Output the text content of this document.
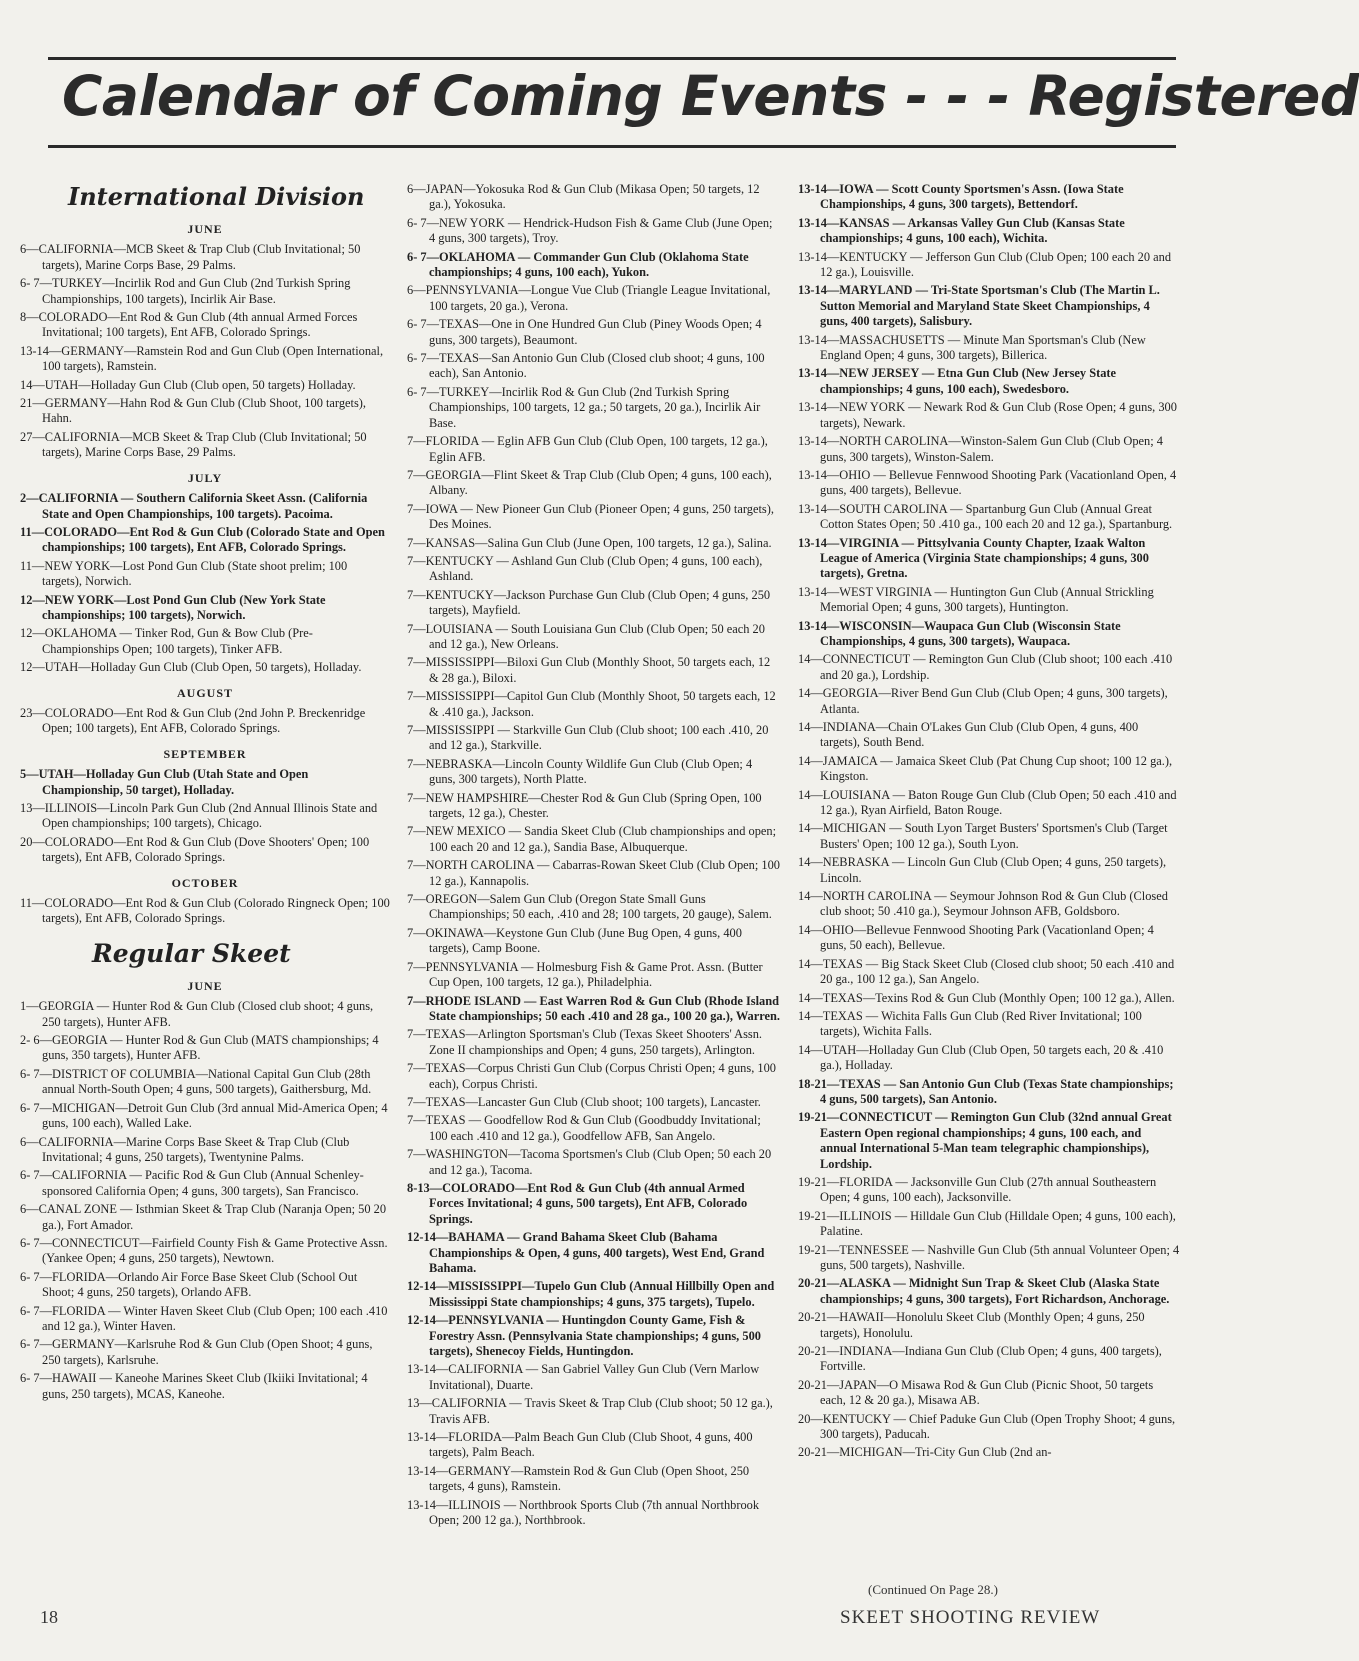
Calendar of Coming Events - - - Registered
International Division
JUNE
6—CALIFORNIA—MCB Skeet & Trap Club (Club Invitational; 50 targets), Marine Corps Base, 29 Palms.
6- 7—TURKEY—Incirlik Rod and Gun Club (2nd Turkish Spring Championships, 100 targets), Incirlik Air Base.
8—COLORADO—Ent Rod & Gun Club (4th annual Armed Forces Invitational; 100 targets), Ent AFB, Colorado Springs.
13-14—GERMANY—Ramstein Rod and Gun Club (Open International, 100 targets), Ramstein.
14—UTAH—Holladay Gun Club (Club open, 50 targets) Holladay.
21—GERMANY—Hahn Rod & Gun Club (Club Shoot, 100 targets), Hahn.
27—CALIFORNIA—MCB Skeet & Trap Club (Club Invitational; 50 targets), Marine Corps Base, 29 Palms.
JULY
2—CALIFORNIA — Southern California Skeet Assn. (California State and Open Championships, 100 targets). Pacoima.
11—COLORADO—Ent Rod & Gun Club (Colorado State and Open championships; 100 targets), Ent AFB, Colorado Springs.
11—NEW YORK—Lost Pond Gun Club (State shoot prelim; 100 targets), Norwich.
12—NEW YORK—Lost Pond Gun Club (New York State championships; 100 targets), Norwich.
12—OKLAHOMA — Tinker Rod, Gun & Bow Club (Pre-Championships Open; 100 targets), Tinker AFB.
12—UTAH—Holladay Gun Club (Club Open, 50 targets), Holladay.
AUGUST
23—COLORADO—Ent Rod & Gun Club (2nd John P. Breckenridge Open; 100 targets), Ent AFB, Colorado Springs.
SEPTEMBER
5—UTAH—Holladay Gun Club (Utah State and Open Championship, 50 target), Holladay.
13—ILLINOIS—Lincoln Park Gun Club (2nd Annual Illinois State and Open championships; 100 targets), Chicago.
20—COLORADO—Ent Rod & Gun Club (Dove Shooters' Open; 100 targets), Ent AFB, Colorado Springs.
OCTOBER
11—COLORADO—Ent Rod & Gun Club (Colorado Ringneck Open; 100 targets), Ent AFB, Colorado Springs.
Regular Skeet
JUNE
1—GEORGIA — Hunter Rod & Gun Club (Closed club shoot; 4 guns, 250 targets), Hunter AFB.
2- 6—GEORGIA — Hunter Rod & Gun Club (MATS championships; 4 guns, 350 targets), Hunter AFB.
6- 7—DISTRICT OF COLUMBIA—National Capital Gun Club (28th annual North-South Open; 4 guns, 500 targets), Gaithersburg, Md.
6- 7—MICHIGAN—Detroit Gun Club (3rd annual Mid-America Open; 4 guns, 100 each), Walled Lake.
6—CALIFORNIA—Marine Corps Base Skeet & Trap Club (Club Invitational; 4 guns, 250 targets), Twentynine Palms.
6- 7—CALIFORNIA — Pacific Rod & Gun Club (Annual Schenley-sponsored California Open; 4 guns, 300 targets), San Francisco.
6—CANAL ZONE — Isthmian Skeet & Trap Club (Naranja Open; 50 20 ga.), Fort Amador.
6- 7—CONNECTICUT—Fairfield County Fish & Game Protective Assn. (Yankee Open; 4 guns, 250 targets), Newtown.
6- 7—FLORIDA—Orlando Air Force Base Skeet Club (School Out Shoot; 4 guns, 250 targets), Orlando AFB.
6- 7—FLORIDA — Winter Haven Skeet Club (Club Open; 100 each .410 and 12 ga.), Winter Haven.
6- 7—GERMANY—Karlsruhe Rod & Gun Club (Open Shoot; 4 guns, 250 targets), Karlsruhe.
6- 7—HAWAII — Kaneohe Marines Skeet Club (Ikiiki Invitational; 4 guns, 250 targets), MCAS, Kaneohe.
6—JAPAN—Yokosuka Rod & Gun Club (Mikasa Open; 50 targets, 12 ga.), Yokosuka.
6- 7—NEW YORK — Hendrick-Hudson Fish & Game Club (June Open; 4 guns, 300 targets), Troy.
6- 7—OKLAHOMA — Commander Gun Club (Oklahoma State championships; 4 guns, 100 each), Yukon.
6—PENNSYLVANIA—Longue Vue Club (Triangle League Invitational, 100 targets, 20 ga.), Verona.
6- 7—TEXAS—One in One Hundred Gun Club (Piney Woods Open; 4 guns, 300 targets), Beaumont.
6- 7—TEXAS—San Antonio Gun Club (Closed club shoot; 4 guns, 100 each), San Antonio.
6- 7—TURKEY—Incirlik Rod & Gun Club (2nd Turkish Spring Championships, 100 targets, 12 ga.; 50 targets, 20 ga.), Incirlik Air Base.
7—FLORIDA — Eglin AFB Gun Club (Club Open, 100 targets, 12 ga.), Eglin AFB.
7—GEORGIA—Flint Skeet & Trap Club (Club Open; 4 guns, 100 each), Albany.
7—IOWA — New Pioneer Gun Club (Pioneer Open; 4 guns, 250 targets), Des Moines.
7—KANSAS—Salina Gun Club (June Open, 100 targets, 12 ga.), Salina.
7—KENTUCKY — Ashland Gun Club (Club Open; 4 guns, 100 each), Ashland.
7—KENTUCKY—Jackson Purchase Gun Club (Club Open; 4 guns, 250 targets), Mayfield.
7—LOUISIANA — South Louisiana Gun Club (Club Open; 50 each 20 and 12 ga.), New Orleans.
7—MISSISSIPPI—Biloxi Gun Club (Monthly Shoot, 50 targets each, 12 & 28 ga.), Biloxi.
7—MISSISSIPPI—Capitol Gun Club (Monthly Shoot, 50 targets each, 12 & .410 ga.), Jackson.
7—MISSISSIPPI — Starkville Gun Club (Club shoot; 100 each .410, 20 and 12 ga.), Starkville.
7—NEBRASKA—Lincoln County Wildlife Gun Club (Club Open; 4 guns, 300 targets), North Platte.
7—NEW HAMPSHIRE—Chester Rod & Gun Club (Spring Open, 100 targets, 12 ga.), Chester.
7—NEW MEXICO — Sandia Skeet Club (Club championships and open; 100 each 20 and 12 ga.), Sandia Base, Albuquerque.
7—NORTH CAROLINA — Cabarras-Rowan Skeet Club (Club Open; 100 12 ga.), Kannapolis.
7—OREGON—Salem Gun Club (Oregon State Small Guns Championships; 50 each, .410 and 28; 100 targets, 20 gauge), Salem.
7—OKINAWA—Keystone Gun Club (June Bug Open, 4 guns, 400 targets), Camp Boone.
7—PENNSYLVANIA — Holmesburg Fish & Game Prot. Assn. (Butter Cup Open, 100 targets, 12 ga.), Philadelphia.
7—RHODE ISLAND — East Warren Rod & Gun Club (Rhode Island State championships; 50 each .410 and 28 ga., 100 20 ga.), Warren.
7—TEXAS—Arlington Sportsman's Club (Texas Skeet Shooters' Assn. Zone II championships and Open; 4 guns, 250 targets), Arlington.
7—TEXAS—Corpus Christi Gun Club (Corpus Christi Open; 4 guns, 100 each), Corpus Christi.
7—TEXAS—Lancaster Gun Club (Club shoot; 100 targets), Lancaster.
7—TEXAS — Goodfellow Rod & Gun Club (Goodbuddy Invitational; 100 each .410 and 12 ga.), Goodfellow AFB, San Angelo.
7—WASHINGTON—Tacoma Sportsmen's Club (Club Open; 50 each 20 and 12 ga.), Tacoma.
8-13—COLORADO—Ent Rod & Gun Club (4th annual Armed Forces Invitational; 4 guns, 500 targets), Ent AFB, Colorado Springs.
12-14—BAHAMA — Grand Bahama Skeet Club (Bahama Championships & Open, 4 guns, 400 targets), West End, Grand Bahama.
12-14—MISSISSIPPI—Tupelo Gun Club (Annual Hillbilly Open and Mississippi State championships; 4 guns, 375 targets), Tupelo.
12-14—PENNSYLVANIA — Huntingdon County Game, Fish & Forestry Assn. (Pennsylvania State championships; 4 guns, 500 targets), Shenecoy Fields, Huntingdon.
13-14—CALIFORNIA — San Gabriel Valley Gun Club (Vern Marlow Invitational), Duarte.
13—CALIFORNIA — Travis Skeet & Trap Club (Club shoot; 50 12 ga.), Travis AFB.
13-14—FLORIDA—Palm Beach Gun Club (Club Shoot, 4 guns, 400 targets), Palm Beach.
13-14—GERMANY—Ramstein Rod & Gun Club (Open Shoot, 250 targets, 4 guns), Ramstein.
13-14—ILLINOIS — Northbrook Sports Club (7th annual Northbrook Open; 200 12 ga.), Northbrook.
13-14—IOWA — Scott County Sportsmen's Assn. (Iowa State Championships, 4 guns, 300 targets), Bettendorf.
13-14—KANSAS — Arkansas Valley Gun Club (Kansas State championships; 4 guns, 100 each), Wichita.
13-14—KENTUCKY — Jefferson Gun Club (Club Open; 100 each 20 and 12 ga.), Louisville.
13-14—MARYLAND — Tri-State Sportsman's Club (The Martin L. Sutton Memorial and Maryland State Skeet Championships, 4 guns, 400 targets), Salisbury.
13-14—MASSACHUSETTS — Minute Man Sportsman's Club (New England Open; 4 guns, 300 targets), Billerica.
13-14—NEW JERSEY — Etna Gun Club (New Jersey State championships; 4 guns, 100 each), Swedesboro.
13-14—NEW YORK — Newark Rod & Gun Club (Rose Open; 4 guns, 300 targets), Newark.
13-14—NORTH CAROLINA—Winston-Salem Gun Club (Club Open; 4 guns, 300 targets), Winston-Salem.
13-14—OHIO — Bellevue Fennwood Shooting Park (Vacationland Open, 4 guns, 400 targets), Bellevue.
13-14—SOUTH CAROLINA — Spartanburg Gun Club (Annual Great Cotton States Open; 50 .410 ga., 100 each 20 and 12 ga.), Spartanburg.
13-14—VIRGINIA — Pittsylvania County Chapter, Izaak Walton League of America (Virginia State championships; 4 guns, 300 targets), Gretna.
13-14—WEST VIRGINIA — Huntington Gun Club (Annual Strickling Memorial Open; 4 guns, 300 targets), Huntington.
13-14—WISCONSIN—Waupaca Gun Club (Wisconsin State Championships, 4 guns, 300 targets), Waupaca.
14—CONNECTICUT — Remington Gun Club (Club shoot; 100 each .410 and 20 ga.), Lordship.
14—GEORGIA—River Bend Gun Club (Club Open; 4 guns, 300 targets), Atlanta.
14—INDIANA—Chain O'Lakes Gun Club (Club Open, 4 guns, 400 targets), South Bend.
14—JAMAICA — Jamaica Skeet Club (Pat Chung Cup shoot; 100 12 ga.), Kingston.
14—LOUISIANA — Baton Rouge Gun Club (Club Open; 50 each .410 and 12 ga.), Ryan Airfield, Baton Rouge.
14—MICHIGAN — South Lyon Target Busters' Sportsmen's Club (Target Busters' Open; 100 12 ga.), South Lyon.
14—NEBRASKA — Lincoln Gun Club (Club Open; 4 guns, 250 targets), Lincoln.
14—NORTH CAROLINA — Seymour Johnson Rod & Gun Club (Closed club shoot; 50 .410 ga.), Seymour Johnson AFB, Goldsboro.
14—OHIO—Bellevue Fennwood Shooting Park (Vacationland Open; 4 guns, 50 each), Bellevue.
14—TEXAS — Big Stack Skeet Club (Closed club shoot; 50 each .410 and 20 ga., 100 12 ga.), San Angelo.
14—TEXAS—Texins Rod & Gun Club (Monthly Open; 100 12 ga.), Allen.
14—TEXAS — Wichita Falls Gun Club (Red River Invitational; 100 targets), Wichita Falls.
14—UTAH—Holladay Gun Club (Club Open, 50 targets each, 20 & .410 ga.), Holladay.
18-21—TEXAS — San Antonio Gun Club (Texas State championships; 4 guns, 500 targets), San Antonio.
19-21—CONNECTICUT — Remington Gun Club (32nd annual Great Eastern Open regional championships; 4 guns, 100 each, and annual International 5-Man team telegraphic championships), Lordship.
19-21—FLORIDA — Jacksonville Gun Club (27th annual Southeastern Open; 4 guns, 100 each), Jacksonville.
19-21—ILLINOIS — Hilldale Gun Club (Hilldale Open; 4 guns, 100 each), Palatine.
19-21—TENNESSEE — Nashville Gun Club (5th annual Volunteer Open; 4 guns, 500 targets), Nashville.
20-21—ALASKA — Midnight Sun Trap & Skeet Club (Alaska State championships; 4 guns, 300 targets), Fort Richardson, Anchorage.
20-21—HAWAII—Honolulu Skeet Club (Monthly Open; 4 guns, 250 targets), Honolulu.
20-21—INDIANA—Indiana Gun Club (Club Open; 4 guns, 400 targets), Fortville.
20-21—JAPAN—O Misawa Rod & Gun Club (Picnic Shoot, 50 targets each, 12 & 20 ga.), Misawa AB.
20—KENTUCKY — Chief Paduke Gun Club (Open Trophy Shoot; 4 guns, 300 targets), Paducah.
20-21—MICHIGAN—Tri-City Gun Club (2nd an-
(Continued On Page 28.)
18	SKEET SHOOTING REVIEW
